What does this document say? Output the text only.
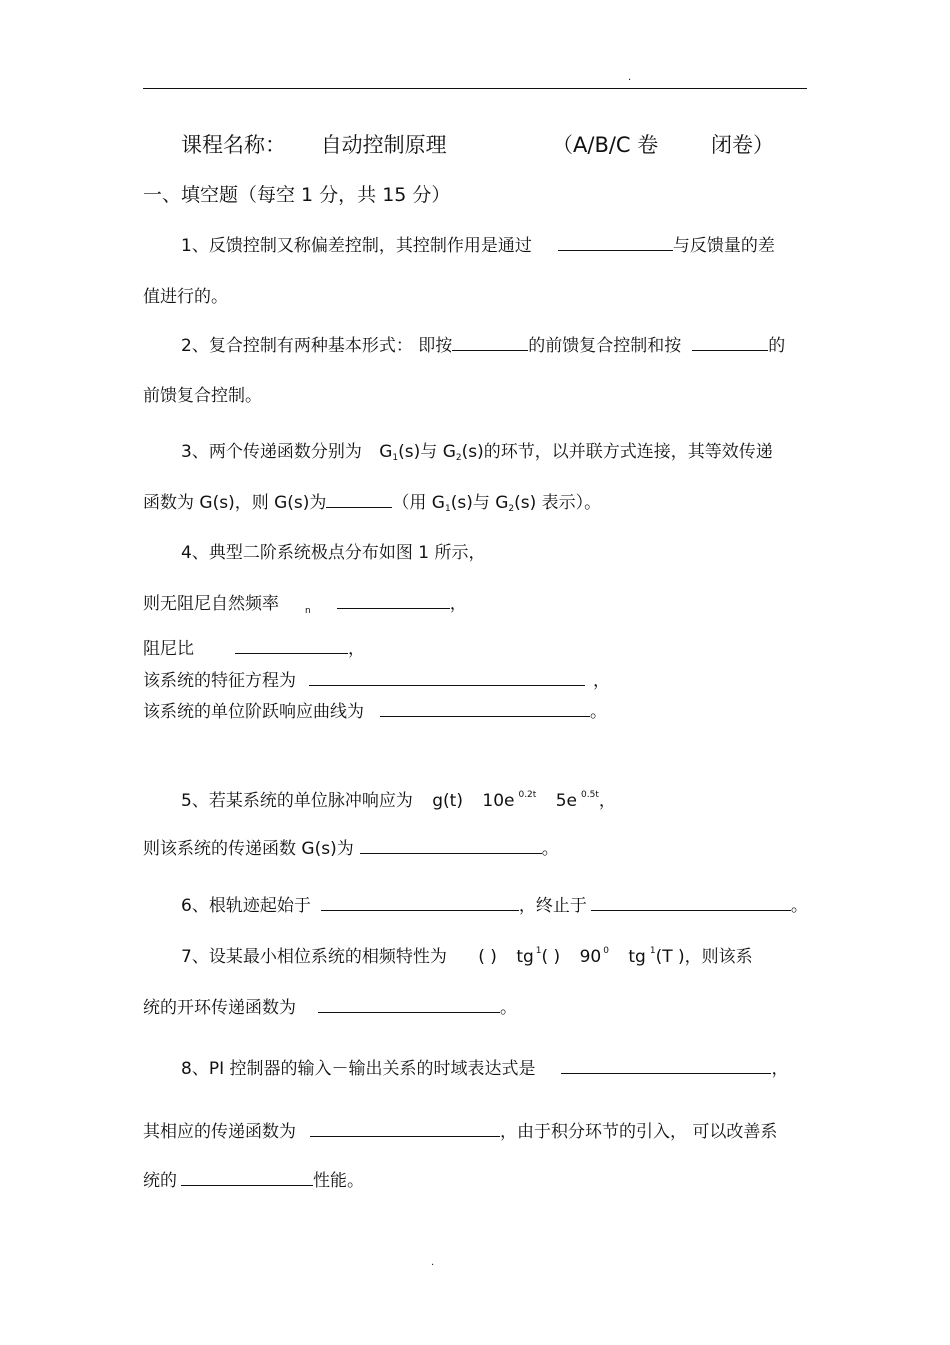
.
课程名称： 自动控制原理	（A/B/C 卷	闭卷）
一、填空题（每空 1 分，共 15 分）
1、反馈控制又称偏差控制，其控制作用是通过	与反馈量的差
值进行的。
2、复合控制有两种基本形式： 即按	的前馈复合控制和按	的
前馈复合控制。
3、两个传递函数分别为 G1(s)与 G2(s)的环节，以并联方式连接，其等效传递
函数为 G(s)，则 G(s)为	（用 G1(s)与 G2(s) 表示）。
4、典型二阶系统极点分布如图 1 所示，
则无阻尼自然频率	$_n$	，
阻尼比	，
该系统的特征方程为	，
该系统的单位阶跃响应曲线为	。
5、若某系统的单位脉冲响应为 g(t) 10e $^{0.2t}$ 5e $^{0.5t}$，
则该系统的传递函数 G(s)为	。
6、根轨迹起始于	，终止于	。
7、设某最小相位系统的相频特性为 ( ) tg $^1$( ) 90 $^0$ tg $^1$(T )，则该系
统的开环传递函数为	。
8、PI 控制器的输入－输出关系的时域表达式是	，
其相应的传递函数为	，由于积分环节的引入， 可以改善系
统的	性能。
.
